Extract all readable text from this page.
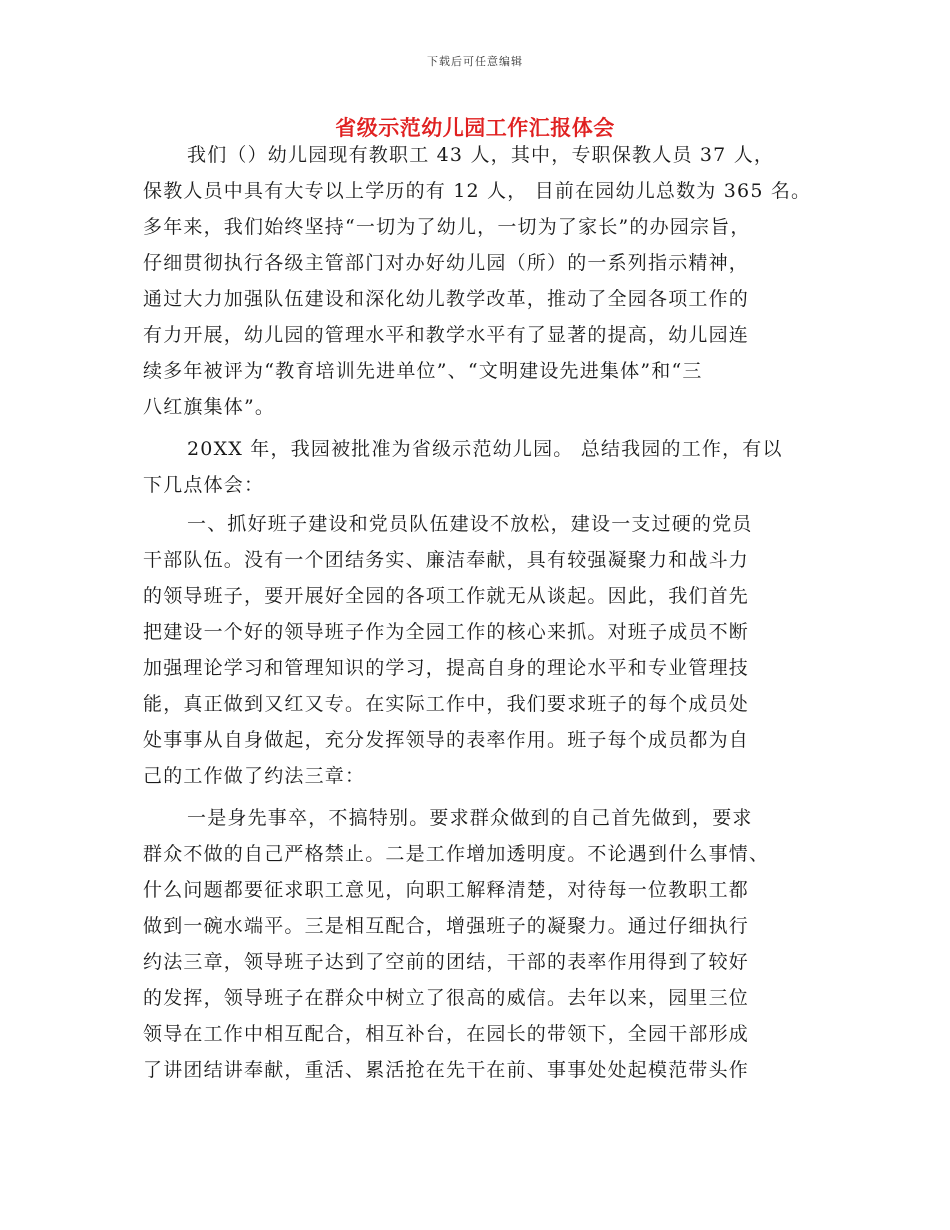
下载后可任意编辑
省级示范幼儿园工作汇报体会
我们（）幼儿园现有教职工 43 人，其中，专职保教人员 37 人，
保教人员中具有大专以上学历的有 12 人， 目前在园幼儿总数为 365 名。
多年来，我们始终坚持“一切为了幼儿，一切为了家长”的办园宗旨，
仔细贯彻执行各级主管部门对办好幼儿园（所）的一系列指示精神，
通过大力加强队伍建设和深化幼儿教学改革，推动了全园各项工作的
有力开展，幼儿园的管理水平和教学水平有了显著的提高，幼儿园连
续多年被评为“教育培训先进单位”、“文明建设先进集体”和“三
八红旗集体”。
20XX 年，我园被批准为省级示范幼儿园。 总结我园的工作，有以
下几点体会：
一、抓好班子建设和党员队伍建设不放松，建设一支过硬的党员
干部队伍。没有一个团结务实、廉洁奉献，具有较强凝聚力和战斗力
的领导班子，要开展好全园的各项工作就无从谈起。因此，我们首先
把建设一个好的领导班子作为全园工作的核心来抓。对班子成员不断
加强理论学习和管理知识的学习，提高自身的理论水平和专业管理技
能，真正做到又红又专。在实际工作中，我们要求班子的每个成员处
处事事从自身做起，充分发挥领导的表率作用。班子每个成员都为自
己的工作做了约法三章：
一是身先事卒，不搞特别。要求群众做到的自己首先做到，要求
群众不做的自己严格禁止。二是工作增加透明度。不论遇到什么事情、
什么问题都要征求职工意见，向职工解释清楚，对待每一位教职工都
做到一碗水端平。三是相互配合，增强班子的凝聚力。通过仔细执行
约法三章，领导班子达到了空前的团结，干部的表率作用得到了较好
的发挥，领导班子在群众中树立了很高的威信。去年以来，园里三位
领导在工作中相互配合，相互补台，在园长的带领下，全园干部形成
了讲团结讲奉献，重活、累活抢在先干在前、事事处处起模范带头作
